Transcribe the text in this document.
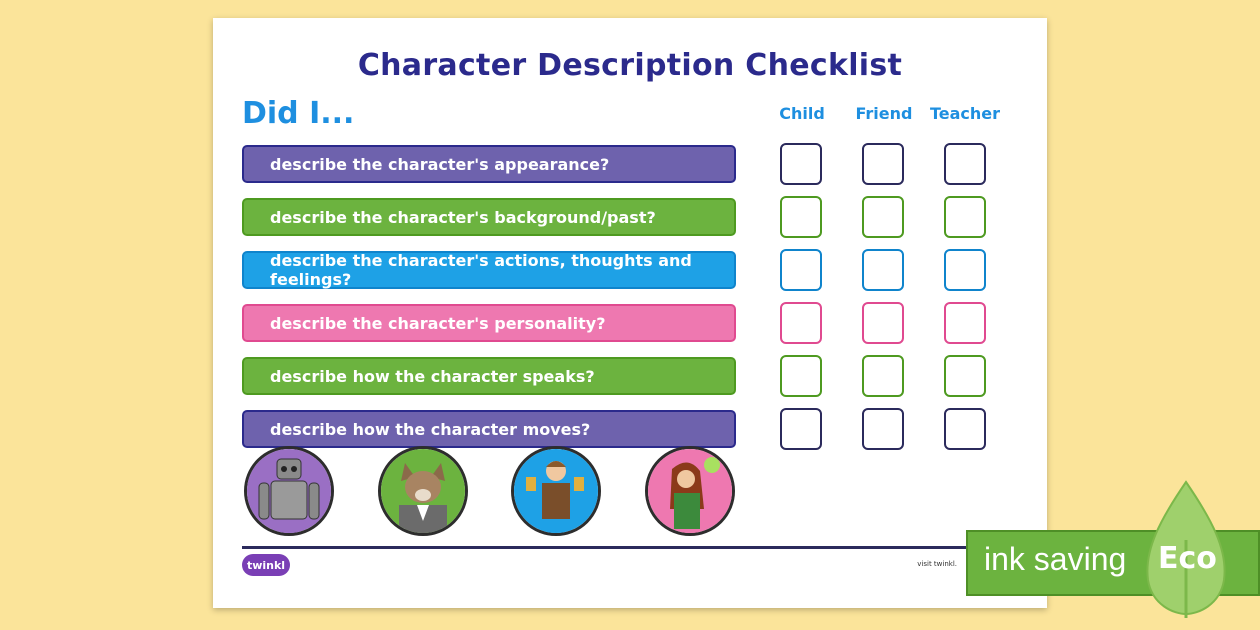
Character Description Checklist
Did I...	Child	Friend	Teacher
describe the character's appearance?
describe the character's background/past?
describe the character's actions, thoughts and feelings?
describe the character's personality?
describe how the character speaks?
describe how the character moves?
twinkl	visit twinkl. ink saving Eco
